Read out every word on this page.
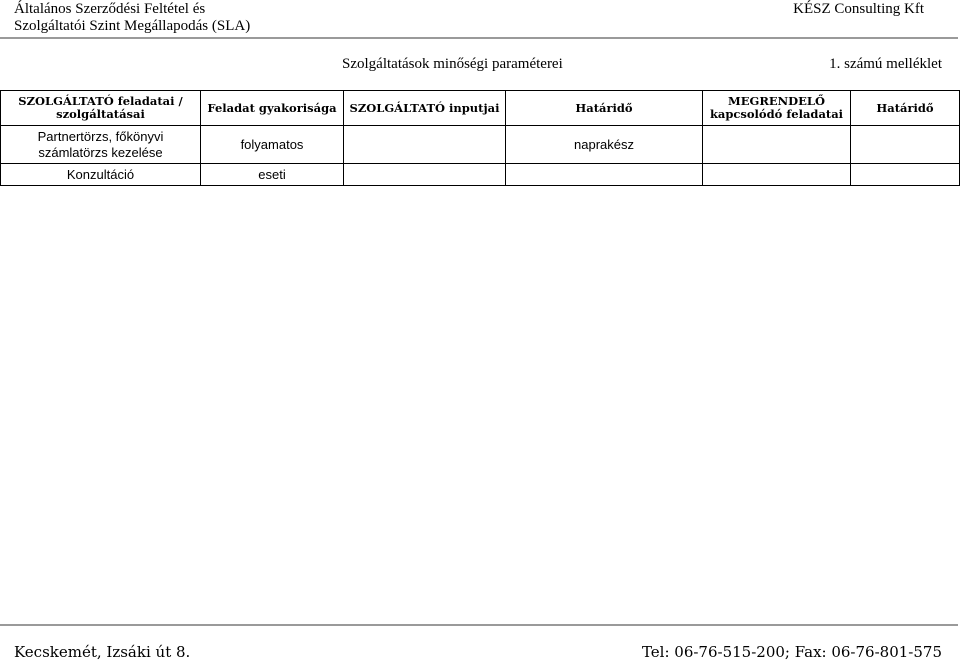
Általános Szerződési Feltétel és
Szolgáltatói Szint Megállapodás (SLA)
KÉSZ Consulting Kft
Szolgáltatások minőségi paraméterei	1. számú melléklet
SZOLGÁLTATÓ feladatai / szolgáltatásai	Feladat gyakorisága	SZOLGÁLTATÓ inputjai	Határidő	MEGRENDELŐ kapcsolódó feladatai	Határidő
Partnertörzs, főkönyvi számlatörzs kezelése	folyamatos		naprakész		
Konzultáció	eseti				
Kecskemét, Izsáki út 8.	Tel: 06-76-515-200; Fax: 06-76-801-575
